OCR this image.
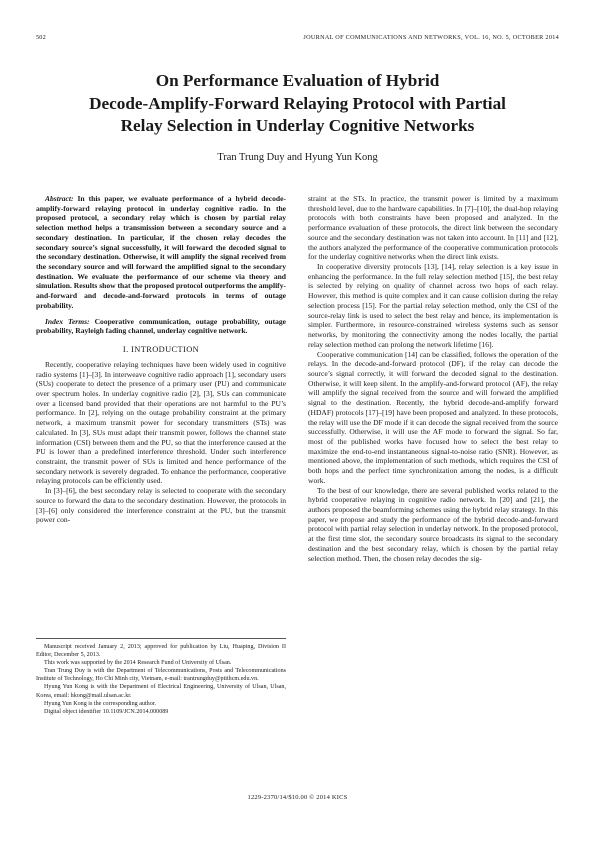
502	JOURNAL OF COMMUNICATIONS AND NETWORKS, VOL. 16, NO. 5, OCTOBER 2014
On Performance Evaluation of Hybrid
Decode-Amplify-Forward Relaying Protocol with Partial
Relay Selection in Underlay Cognitive Networks
Tran Trung Duy and Hyung Yun Kong

Abstract: In this paper, we evaluate performance of a hybrid decode-amplify-forward relaying protocol in underlay cognitive radio. In the proposed protocol, a secondary relay which is chosen by partial relay selection method helps a transmission between a secondary source and a secondary destination. In particular, if the chosen relay decodes the secondary source’s signal successfully, it will forward the decoded signal to the secondary destination. Otherwise, it will amplify the signal received from the secondary source and will forward the amplified signal to the secondary destination. We evaluate the performance of our scheme via theory and simulation. Results show that the proposed protocol outperforms the amplify-and-forward and decode-and-forward protocols in terms of outage probability.

Index Terms: Cooperative communication, outage probability, outage probability, Rayleigh fading channel, underlay cognitive network.

I. INTRODUCTION

Recently, cooperative relaying techniques have been widely used in cognitive radio systems [1]–[3]. In interweave cognitive radio approach [1], secondary users (SUs) cooperate to detect the presence of a primary user (PU) and communicate over spectrum holes. In underlay cognitive radio [2], [3], SUs can communicate over a licensed band provided that their operations are not harmful to the PU’s performance. In [2], relying on the outage probability constraint at the primary network, a maximum transmit power for secondary transmitters (STs) was calculated. In [3], SUs must adapt their transmit power, follows the channel state information (CSI) between them and the PU, so that the interference caused at the PU is lower than a predefined interference threshold. Under such interference constraint, the transmit power of SUs is limited and hence performance of the secondary network is severely degraded. To enhance the performance, cooperative relaying protocols can be efficiently used.

In [3]–[6], the best secondary relay is selected to cooperate with the secondary source to forward the data to the secondary destination. However, the protocols in [3]–[6] only considered the interference constraint at the PU, but the transmit power con-

Manuscript received January 2, 2013; approved for publication by Liu, Huaping, Division II Editor, December 5, 2013.

This work was supported by the 2014 Research Fund of University of Ulsan.

Tran Trung Duy is with the Department of Telecommunications, Posts and Telecommunications Institute of Technology, Ho Chi Minh city, Vietnam, e-mail: trantrungduy@ptithcm.edu.vn.

Hyung Yun Kong is with the Department of Electrical Engineering, University of Ulsan, Ulsan, Korea, email: hkong@mail.ulsan.ac.kr.

Hyung Yun Kong is the corresponding author.

Digital object identifier 10.1109/JCN.2014.000089

straint at the STs. In practice, the transmit power is limited by a maximum threshold level, due to the hardware capabilities. In [7]–[10], the dual-hop relaying protocols with both constraints have been proposed and analyzed. In the performance evaluation of these protocols, the direct link between the secondary source and the secondary destination was not taken into account. In [11] and [12], the authors analyzed the performance of the cooperative communication protocols for the underlay cognitive networks when the direct link exists.

In cooperative diversity protocols [13], [14], relay selection is a key issue in enhancing the performance. In the full relay selection method [15], the best relay is selected by relying on quality of channel across two hops of each relay. However, this method is quite complex and it can cause collision during the relay selection process [15]. For the partial relay selection method, only the CSI of the source-relay link is used to select the best relay and hence, its implementation is simpler. Furthermore, in resource-constrained wireless systems such as sensor networks, by monitoring the connectivity among the nodes locally, the partial relay selection method can prolong the network lifetime [16].

Cooperative communication [14] can be classified, follows the operation of the relays. In the decode-and-forward protocol (DF), if the relay can decode the source’s signal correctly, it will forward the decoded signal to the destination. Otherwise, it will keep silent. In the amplify-and-forward protocol (AF), the relay will amplify the signal received from the source and will forward the amplified signal to the destination. Recently, the hybrid decode-and-amplify forward (HDAF) protocols [17]–[19] have been proposed and analyzed. In these protocols, the relay will use the DF mode if it can decode the signal received from the source successfully. Otherwise, it will use the AF mode to forward the signal. So far, most of the published works have focused how to select the best relay to maximize the end-to-end instantaneous signal-to-noise ratio (SNR). However, as mentioned above, the implementation of such methods, which requires the CSI of both hops and the perfect time synchronization among the nodes, is a difficult work.

To the best of our knowledge, there are several published works related to the hybrid cooperative relaying in cognitive radio network. In [20] and [21], the authors proposed the beamforming schemes using the hybrid relay strategy. In this paper, we propose and study the performance of the hybrid decode-and-forward protocol with partial relay selection in underlay network. In the proposed protocol, at the first time slot, the secondary source broadcasts its signal to the secondary destination and the best secondary relay, which is chosen by the partial relay selection method. Then, the chosen relay decodes the sig-

1229-2370/14/$10.00 © 2014 KICS
